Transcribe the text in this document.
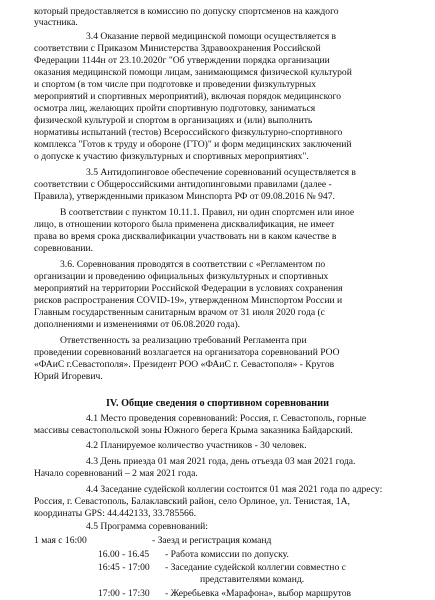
который предоставляется в комиссию по допуску спортсменов на каждого
участника.
3.4 Оказание первой медицинской помощи осуществляется в
соответствии с Приказом Министерства Здравоохранения Российской
Федерации 1144н от 23.10.2020г "Об утверждении порядка организации
оказания медицинской помощи лицам, занимающимся физической культурой
и спортом (в том числе при подготовке и проведении физкультурных
мероприятий и спортивных мероприятий), включая порядок медицинского
осмотра лиц, желающих пройти спортивную подготовку, заниматься
физической культурой и спортом в организациях и (или) выполнить
нормативы испытаний (тестов) Всероссийского физкультурно-спортивного
комплекса "Готов к труду и обороне (ГТО)" и форм медицинских заключений
о допуске к участию физкультурных и спортивных мероприятиях".
3.5 Антидопинговое обеспечение соревнований осуществляется в
соответствии с Общероссийскими антидопинговыми правилами (далее -
Правила), утвержденными приказом Минспорта РФ от 09.08.2016 № 947.
В соответствии с пунктом 10.11.1. Правил, ни один спортсмен или иное
лицо, в отношении которого была применена дисквалификация, не имеет
права во время срока дисквалификации участвовать ни в каком качестве в
соревновании.
3.6. Соревнования проводятся в соответствии с «Регламентом по
организации и проведению официальных физкультурных и спортивных
мероприятий на территории Российской Федерации в условиях сохранения
рисков распространения COVID-19», утвержденном Минспортом России и
Главным государственным санитарным врачом от 31 июля 2020 года (с
дополнениями и изменениями от 06.08.2020 года).
Ответственность за реализацию требований Регламента при
проведении соревнований возлагается на организатора соревнований РОО
«ФАиС г.Севастополя». Президент РОО «ФАиС г. Севастополя» - Кругов
Юрий Игоревич.
IV. Общие сведения о спортивном соревновании
4.1 Место проведения соревнований: Россия, г. Севастополь, горные
массивы севастопольской зоны Южного берега Крыма заказника Байдарский.
4.2 Планируемое количество участников - 30 человек.
4.3 День приезда 01 мая 2021 года, день отъезда 03 мая 2021 года.
Начало соревнований – 2 мая 2021 года.
4.4 Заседание судейской коллегии состоится 01 мая 2021 года по адресу:
Россия, г. Севастополь, Балаклавский район, село Орлиное, ул. Тенистая, 1А,
координаты GPS: 44.442133, 33.785566.
4.5 Программа соревнований:
1 мая с 16:00	- Заезд и регистрация команд
16.00 - 16.45 - Работа комиссии по допуску.
16:45 - 17:00 - Заседание судейской коллегии совместно с
представителями команд.
17:00 - 17:30 - Жеребьевка «Марафона», выбор маршрутов
